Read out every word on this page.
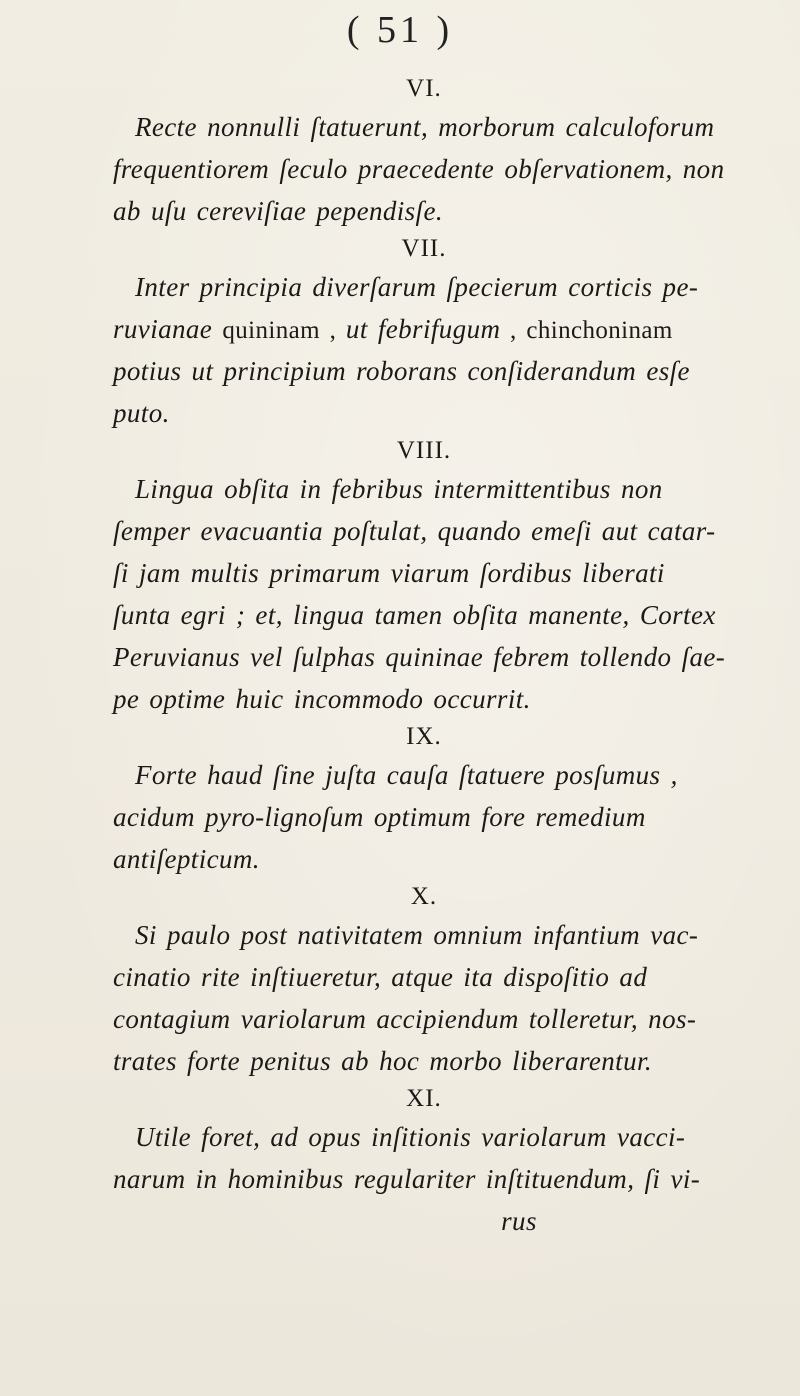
( 51 )
VI.
Recte nonnulli ſtatuerunt, morborum calculoforum
frequentiorem ſeculo praecedente obſervationem, non
ab uſu cereviſiae pependisſe.
VII.
Inter principia diverſarum ſpecierum corticis pe-
ruvianae quininam , ut febrifugum , chinchoninam
potius ut principium roborans conſiderandum esſe
puto.
VIII.
Lingua obſita in febribus intermittentibus non
ſemper evacuantia poſtulat, quando emeſi aut catar-
ſi jam multis primarum viarum ſordibus liberati
ſunta egri ; et, lingua tamen obſita manente, Cortex
Peruvianus vel ſulphas quininae febrem tollendo ſae-
pe optime huic incommodo occurrit.
IX.
Forte haud ſine juſta cauſa ſtatuere posſumus ,
acidum pyro-lignoſum optimum fore remedium
antiſepticum.
X.
Si paulo post nativitatem omnium infantium vac-
cinatio rite inſtiueretur, atque ita dispoſitio ad
contagium variolarum accipiendum tolleretur, nos-
trates forte penitus ab hoc morbo liberarentur.
XI.
Utile foret, ad opus inſitionis variolarum vacci-
narum in hominibus regulariter inſtituendum, ſi vi-
rus
